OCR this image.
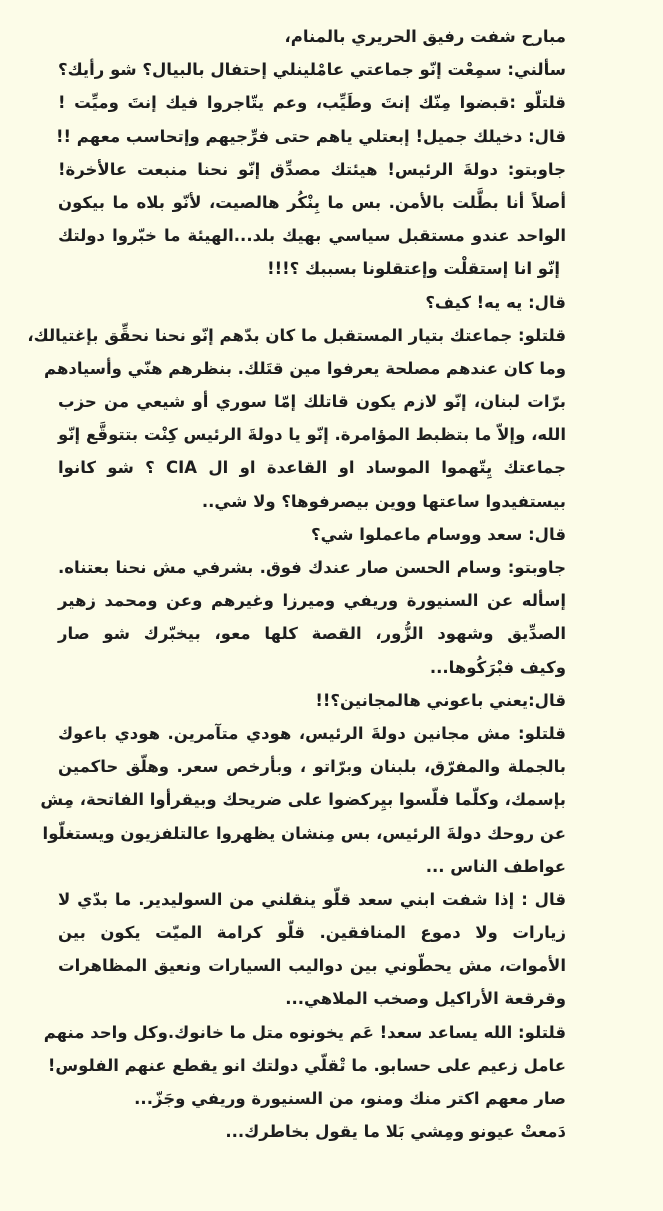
مبارح شفت رفيق الحريري بالمنام،
سألني: سمِعْت إنّو جماعتي عامْلينلي إحتفال بالبيال؟ شو رأيك؟
قلتلّو :قبضوا مِنّك إنتَ وطَيِّب، وعم يتّاجروا فيك إنتَ وميِّت !
قال: دخيلك جميل! إبعتلي ياهم حتى فرِّجيهم وإتحاسب معهم !!
جاوبتو: دولةَ الرئيس! هيئتك مصدِّق إنّو نحنا منبعت عالأخرة!
أصلاً أنا بطَّلت بالأمن. بس ما بِنْكُر هالصيت، لأنّو بلاه ما بيكون
الواحد عندو مستقبل سياسي بهيك بلد...الهيئة ما خبّروا دولتك
إنّو انا إستقلْت وإعتقلونا بسببك ؟!!!
قال: يه يه! كيف؟
قلتلو: جماعتك بتيار المستقبل ما كان بدّهم إنّو نحنا نحقِّق بإغتيالك،
وما كان عندهم مصلحة يعرفوا مين قتَلك. بنظرهم هنّي وأسيادهم
برّات لبنان، إنّو لازم يكون قاتلك إمّا سوري أو شيعي من حزب
الله، وإلاّ ما بتظبط المؤامرة. إنّو يا دولةَ الرئيس كِنْت بتتوقَّع إنّو
جماعتك يِتّهموا الموساد او القاعدة او ال CIA ؟ شو كانوا
بيستفيدوا ساعتها ووين بيصرفوها؟ ولا شي..
قال: سعد ووسام ماعملوا شي؟
جاوبتو: وسام الحسن صار عندك فوق. بشرفي مش نحنا بعتناه.
إسأله عن السنيورة وريفي وميرزا وغيرهم وعن ومحمد زهير
الصدِّيق وشهود الزُّور، القصة كلها معو، بيخبّرك شو صار
وكيف فبْرَكُوها...
قال:يعني باعوني هالمجانين؟!!
قلتلو: مش مجانين دولةَ الرئيس، هودي متآمرين. هودي باعوك
بالجملة والمفرّق، بلبنان وبرّاتو ، وبأرخص سعر. وهلّق حاكمين
بإسمك، وكلّما فلّسوا بيِركضوا على ضريحك وبيقرأوا الفاتحة، مِش
عن روحك دولةَ الرئيس، بس مِنشان يظهروا عالتلفزيون ويستغلّوا
عواطف الناس ...
قال : إذا شفت ابني سعد قلّو ينقلني من السوليدير. ما بدّي لا
زيارات ولا دموع المنافقين. قلّو كرامة الميّت يكون بين
الأموات، مش يحطّوني بين دواليب السيارات ونعيق المظاهرات
وقرقعة الأراكيل وصخب الملاهي...
قلتلو: الله يساعد سعد! عَم يخونوه متل ما خانوك.وكل واحد منهم
عامل زعيم على حسابو. ما تْقلّي دولتك انو يقطع عنهم الفلوس!
صار معهم اكتر منك ومنو، من السنيورة وريفي وجَزّ...
دَمعتْ عيونو ومِشي بَلا ما يقول بخاطرك...
